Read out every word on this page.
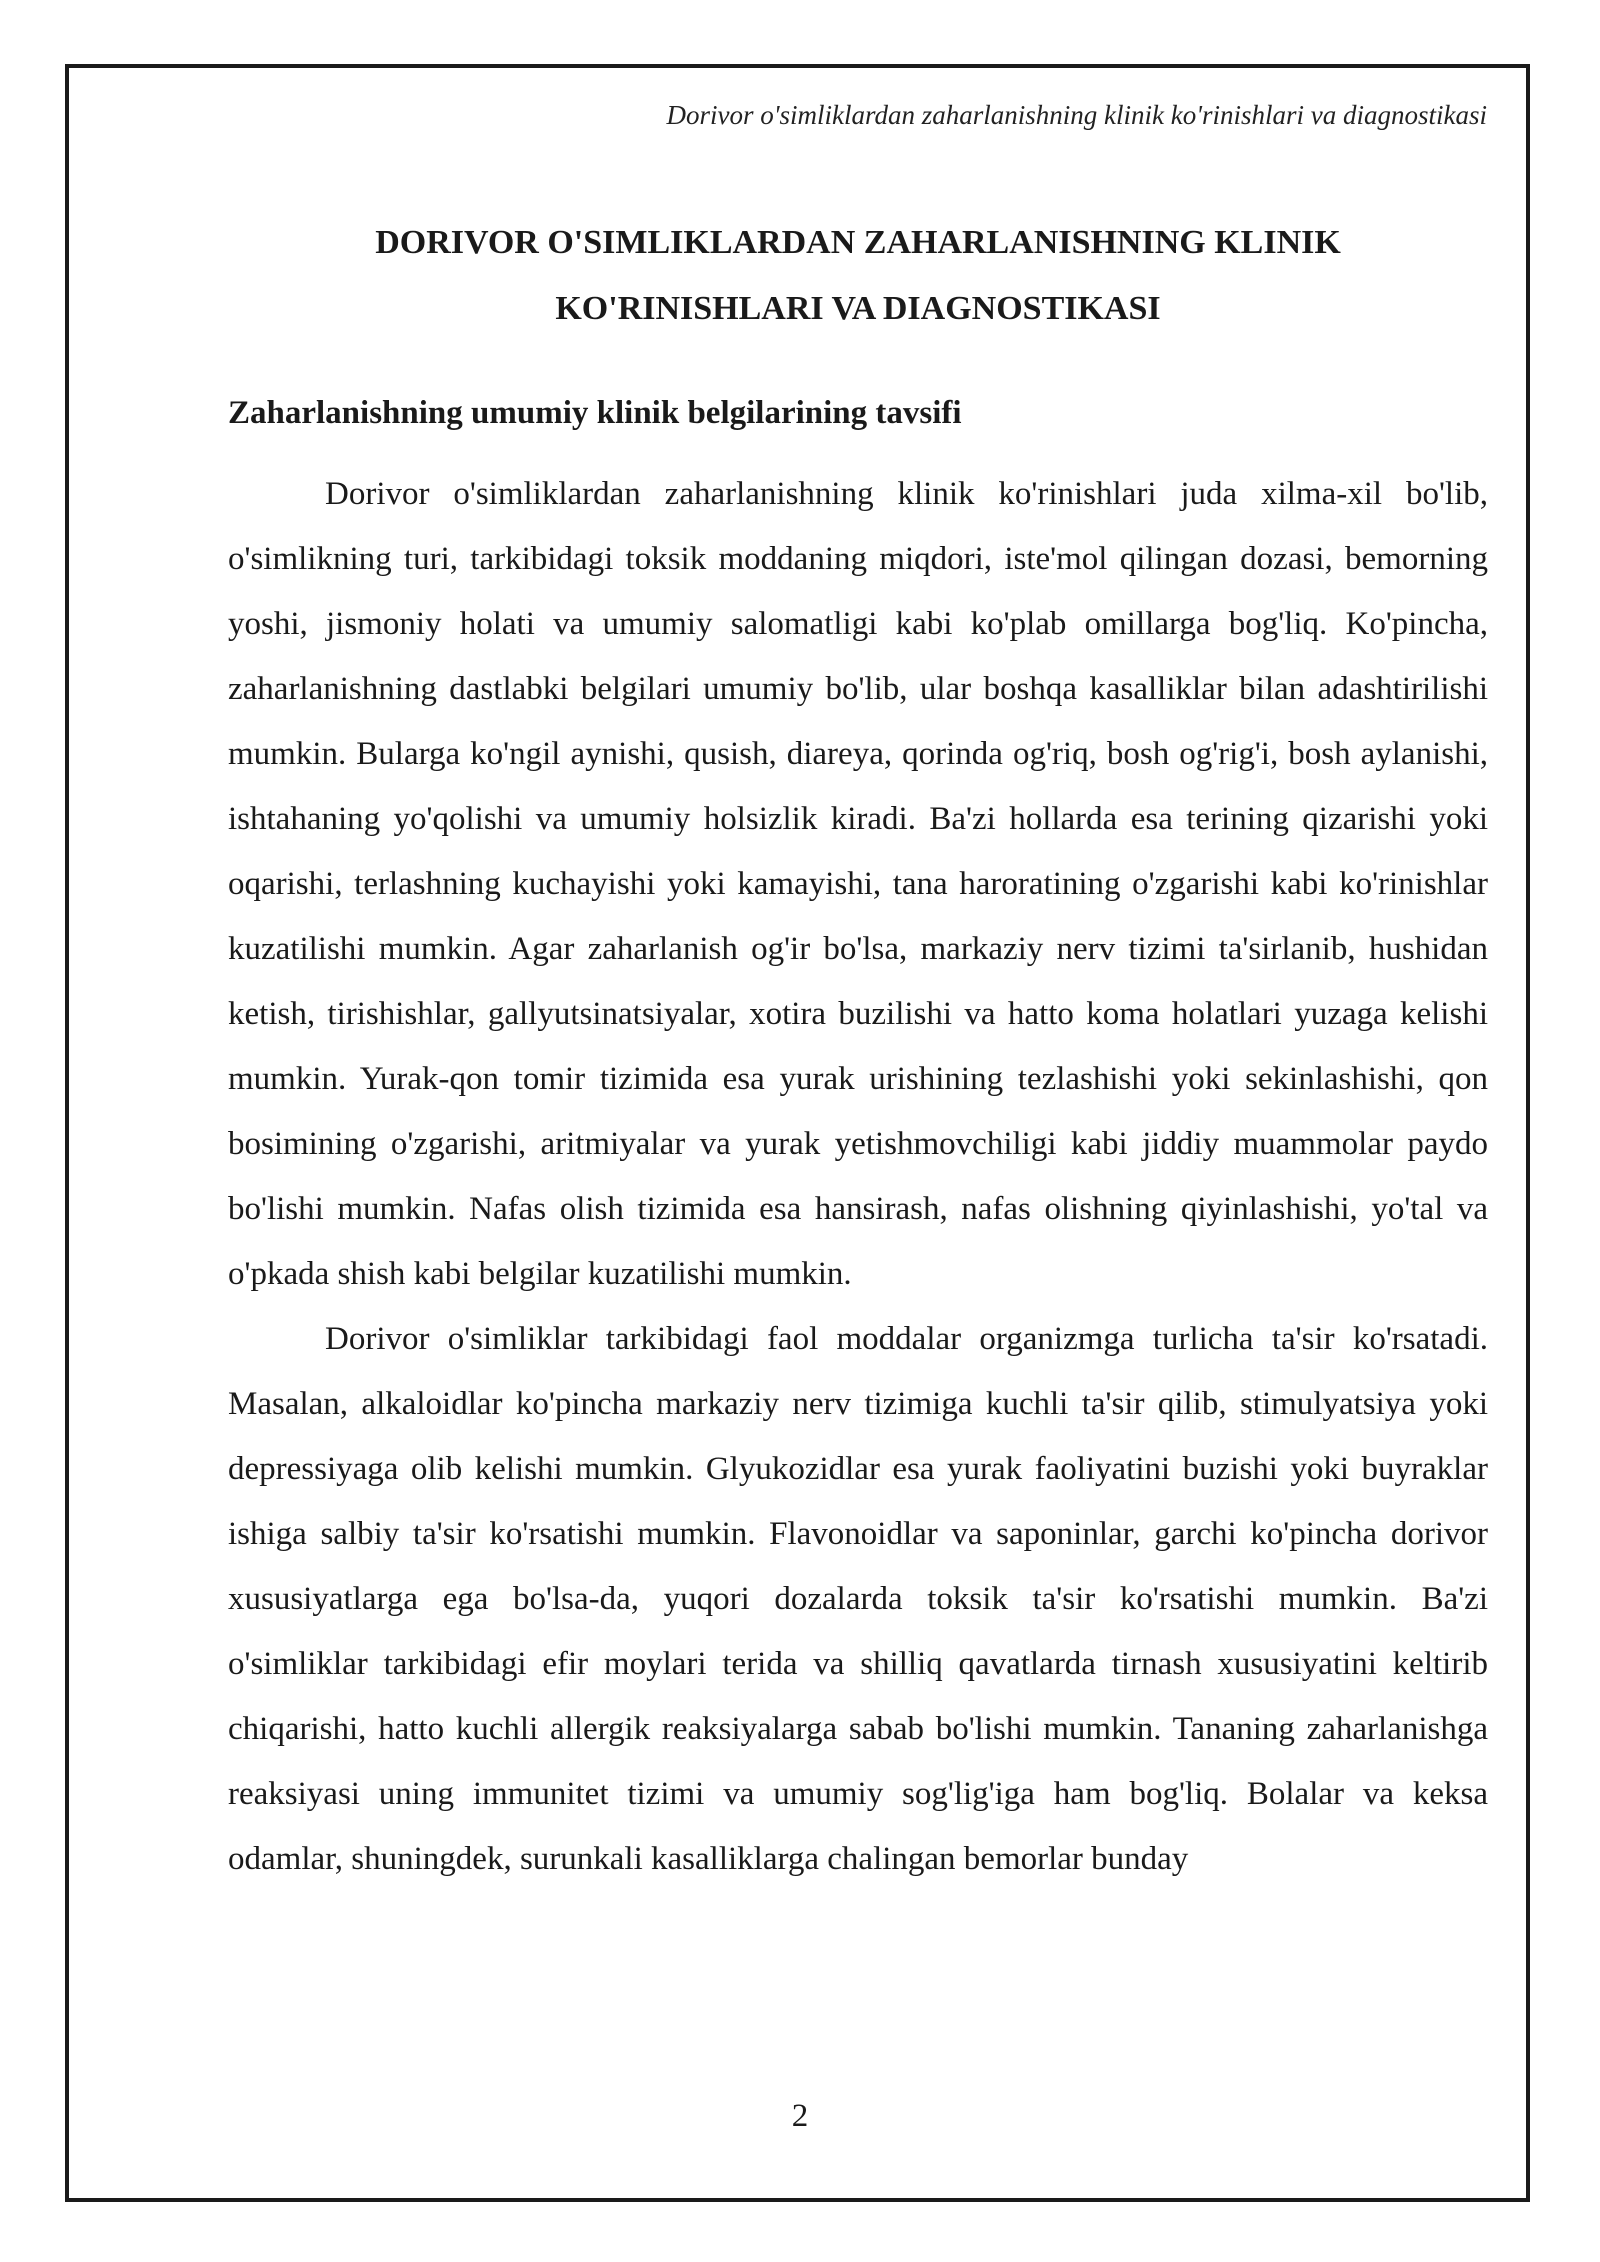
Dorivor o'simliklardan zaharlanishning klinik ko'rinishlari va diagnostikasi
DORIVOR O'SIMLIKLARDAN ZAHARLANISHNING KLINIK
KO'RINISHLARI VA DIAGNOSTIKASI
Zaharlanishning umumiy klinik belgilarining tavsifi

Dorivor o'simliklardan zaharlanishning klinik ko'rinishlari juda xilma-xil bo'lib, o'simlikning turi, tarkibidagi toksik moddaning miqdori, iste'mol qilingan dozasi, bemorning yoshi, jismoniy holati va umumiy salomatligi kabi ko'plab omillarga bog'liq. Ko'pincha, zaharlanishning dastlabki belgilari umumiy bo'lib, ular boshqa kasalliklar bilan adashtirilishi mumkin. Bularga ko'ngil aynishi, qusish, diareya, qorinda og'riq, bosh og'rig'i, bosh aylanishi, ishtahaning yo'qolishi va umumiy holsizlik kiradi. Ba'zi hollarda esa terining qizarishi yoki oqarishi, terlashning kuchayishi yoki kamayishi, tana haroratining o'zgarishi kabi ko'rinishlar kuzatilishi mumkin. Agar zaharlanish og'ir bo'lsa, markaziy nerv tizimi ta'sirlanib, hushidan ketish, tirishishlar, gallyutsinatsiyalar, xotira buzilishi va hatto koma holatlari yuzaga kelishi mumkin. Yurak-qon tomir tizimida esa yurak urishining tezlashishi yoki sekinlashishi, qon bosimining o'zgarishi, aritmiyalar va yurak yetishmovchiligi kabi jiddiy muammolar paydo bo'lishi mumkin. Nafas olish tizimida esa hansirash, nafas olishning qiyinlashishi, yo'tal va o'pkada shish kabi belgilar kuzatilishi mumkin.

Dorivor o'simliklar tarkibidagi faol moddalar organizmga turlicha ta'sir ko'rsatadi. Masalan, alkaloidlar ko'pincha markaziy nerv tizimiga kuchli ta'sir qilib, stimulyatsiya yoki depressiyaga olib kelishi mumkin. Glyukozidlar esa yurak faoliyatini buzishi yoki buyraklar ishiga salbiy ta'sir ko'rsatishi mumkin. Flavonoidlar va saponinlar, garchi ko'pincha dorivor xususiyatlarga ega bo'lsa-da, yuqori dozalarda toksik ta'sir ko'rsatishi mumkin. Ba'zi o'simliklar tarkibidagi efir moylari terida va shilliq qavatlarda tirnash xususiyatini keltirib chiqarishi, hatto kuchli allergik reaksiyalarga sabab bo'lishi mumkin. Tananing zaharlanishga reaksiyasi uning immunitet tizimi va umumiy sog'lig'iga ham bog'liq. Bolalar va keksa odamlar, shuningdek, surunkali kasalliklarga chalingan bemorlar bunday

2
